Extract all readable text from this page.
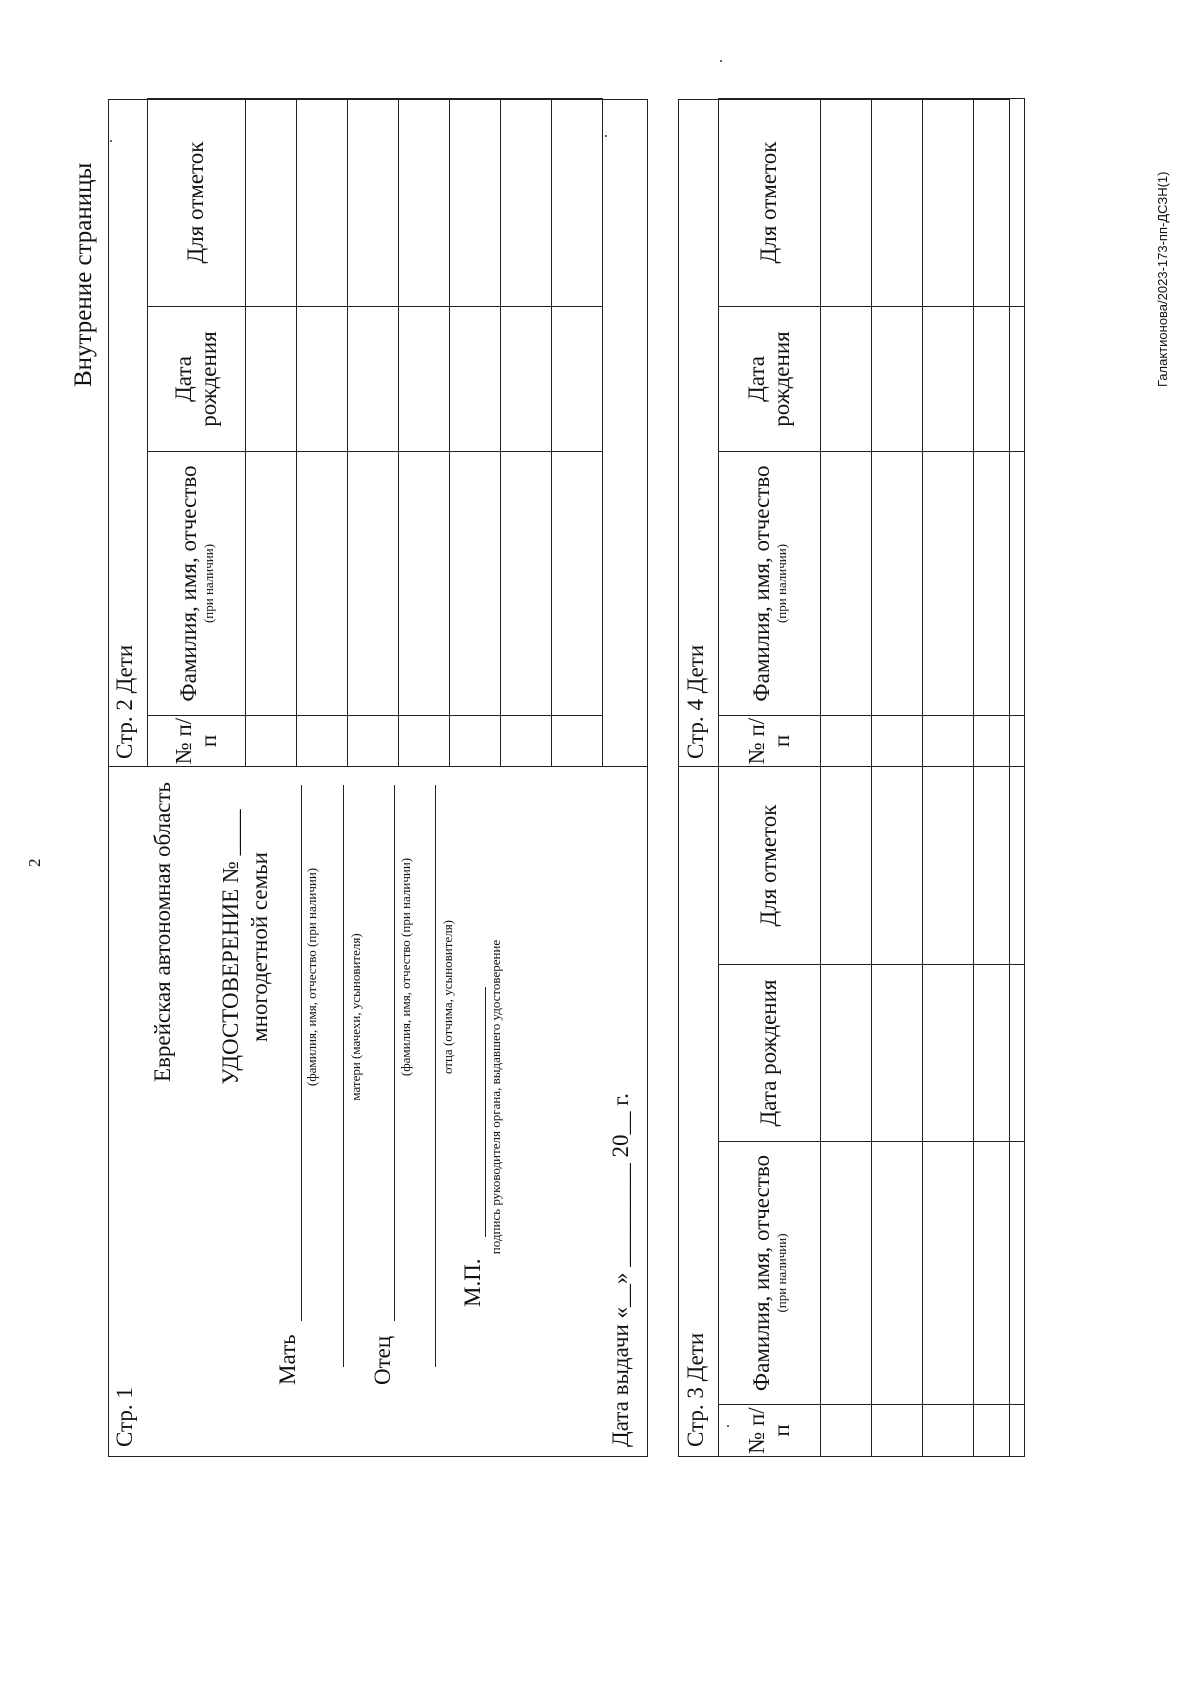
2
Внутрение страницы	Галактионова/2023-173-пп-ДСЗН(1)
Стр. 1
Еврейская автономная область УДОСТОВЕРЕНИЕ № ____ многодетной семьи
Мать
(фамилия, имя, отчество (при наличии) матери (мачехи, усыновителя)
Отец
(фамилия, имя, отчество (при наличии) отца (отчима, усыновителя)
М.П.
подпись руководителя органа, выдавшего удостоверение	Дата выдачи «__» _________ 20__ г.
Стр. 2 Дети № п/п	Фамилия, имя, отчество (при наличии)	Дата рождения	Для отметок

Стр. 3 Дети № п/п	Фамилия, имя, отчество (при наличии)	Дата рождения	Для отметок

Стр. 4 Дети № п/п	Фамилия, имя, отчество (при наличии)	Дата рождения	Для отметок
